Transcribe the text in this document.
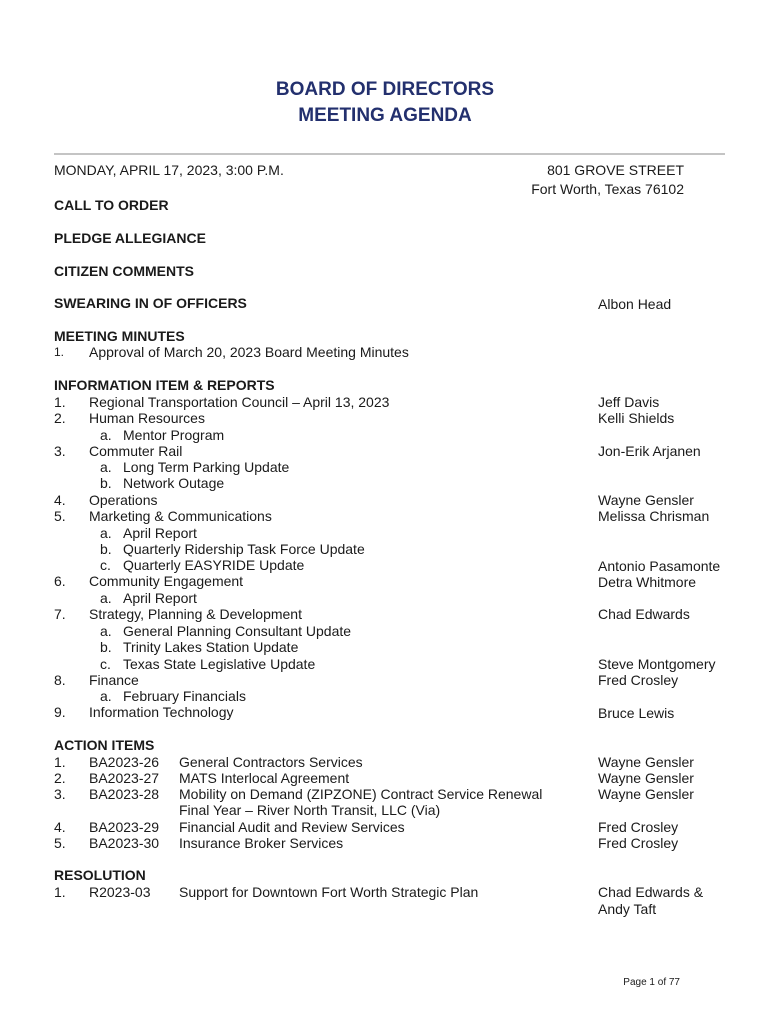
BOARD OF DIRECTORS
MEETING AGENDA
MONDAY, APRIL 17, 2023, 3:00 P.M.	801 GROVE STREET
Fort Worth, Texas 76102
CALL TO ORDER
PLEDGE ALLEGIANCE
CITIZEN COMMENTS
SWEARING IN OF OFFICERS	Albon Head
MEETING MINUTES
1. Approval of March 20, 2023 Board Meeting Minutes
INFORMATION ITEM & REPORTS
1. Regional Transportation Council – April 13, 2023	Jeff Davis
2. Human Resources	Kelli Shields
a. Mentor Program
3. Commuter Rail	Jon-Erik Arjanen
a. Long Term Parking Update
b. Network Outage
4. Operations	Wayne Gensler
5. Marketing & Communications	Melissa Chrisman
a. April Report
b. Quarterly Ridership Task Force Update
c. Quarterly EASYRIDE Update	Antonio Pasamonte
6. Community Engagement	Detra Whitmore
a. April Report
7. Strategy, Planning & Development	Chad Edwards
a. General Planning Consultant Update
b. Trinity Lakes Station Update
c. Texas State Legislative Update	Steve Montgomery
8. Finance	Fred Crosley
a. February Financials
9. Information Technology	Bruce Lewis
ACTION ITEMS
1. BA2023-26 General Contractors Services	Wayne Gensler
2. BA2023-27 MATS Interlocal Agreement	Wayne Gensler
3. BA2023-28 Mobility on Demand (ZIPZONE) Contract Service Renewal
Final Year – River North Transit, LLC (Via)
Wayne Gensler
4. BA2023-29 Financial Audit and Review Services	Fred Crosley
5. BA2023-30 Insurance Broker Services	Fred Crosley
RESOLUTION
1. R2023-03 Support for Downtown Fort Worth Strategic Plan	Chad Edwards &
Andy Taft
Page 1 of 77
